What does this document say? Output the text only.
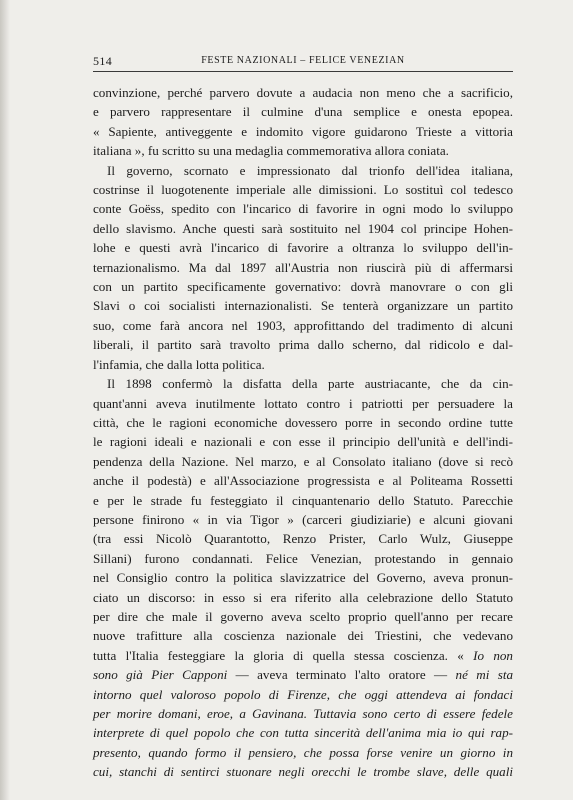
514	FESTE NAZIONALI – FELICE VENEZIAN
convinzione, perché parvero dovute a audacia non meno che a sacrificio,
e parvero rappresentare il culmine d'una semplice e onesta epopea.
« Sapiente, antiveggente e indomito vigore guidarono Trieste a vittoria
italiana », fu scritto su una medaglia commemorativa allora coniata.
Il governo, scornato e impressionato dal trionfo dell'idea italiana,
costrinse il luogotenente imperiale alle dimissioni. Lo sostituì col tedesco
conte Goëss, spedito con l'incarico di favorire in ogni modo lo sviluppo
dello slavismo. Anche questi sarà sostituito nel 1904 col principe Hohen-
lohe e questi avrà l'incarico di favorire a oltranza lo sviluppo dell'in-
ternazionalismo. Ma dal 1897 all'Austria non riuscirà più di affermarsi
con un partito specificamente governativo: dovrà manovrare o con gli
Slavi o coi socialisti internazionalisti. Se tenterà organizzare un partito
suo, come farà ancora nel 1903, approfittando del tradimento di alcuni
liberali, il partito sarà travolto prima dallo scherno, dal ridicolo e dal-
l'infamia, che dalla lotta politica.
Il 1898 confermò la disfatta della parte austriacante, che da cin-
quant'anni aveva inutilmente lottato contro i patriotti per persuadere la
città, che le ragioni economiche dovessero porre in secondo ordine tutte
le ragioni ideali e nazionali e con esse il principio dell'unità e dell'indi-
pendenza della Nazione. Nel marzo, e al Consolato italiano (dove si recò
anche il podestà) e all'Associazione progressista e al Politeama Rossetti
e per le strade fu festeggiato il cinquantenario dello Statuto. Parecchie
persone finirono « in via Tigor » (carceri giudiziarie) e alcuni giovani
(tra essi Nicolò Quarantotto, Renzo Prister, Carlo Wulz, Giuseppe
Sillani) furono condannati. Felice Venezian, protestando in gennaio
nel Consiglio contro la politica slavizzatrice del Governo, aveva pronun-
ciato un discorso: in esso si era riferito alla celebrazione dello Statuto
per dire che male il governo aveva scelto proprio quell'anno per recare
nuove trafitture alla coscienza nazionale dei Triestini, che vedevano
tutta l'Italia festeggiare la gloria di quella stessa coscienza. « Io non
sono già Pier Capponi — aveva terminato l'alto oratore — né mi sta
intorno quel valoroso popolo di Firenze, che oggi attendeva ai fondaci
per morire domani, eroe, a Gavinana. Tuttavia sono certo di essere fedele
interprete di quel popolo che con tutta sincerità dell'anima mia io qui rap-
presento, quando formo il pensiero, che possa forse venire un giorno in
cui, stanchi di sentirci stuonare negli orecchi le trombe slave, delle quali
